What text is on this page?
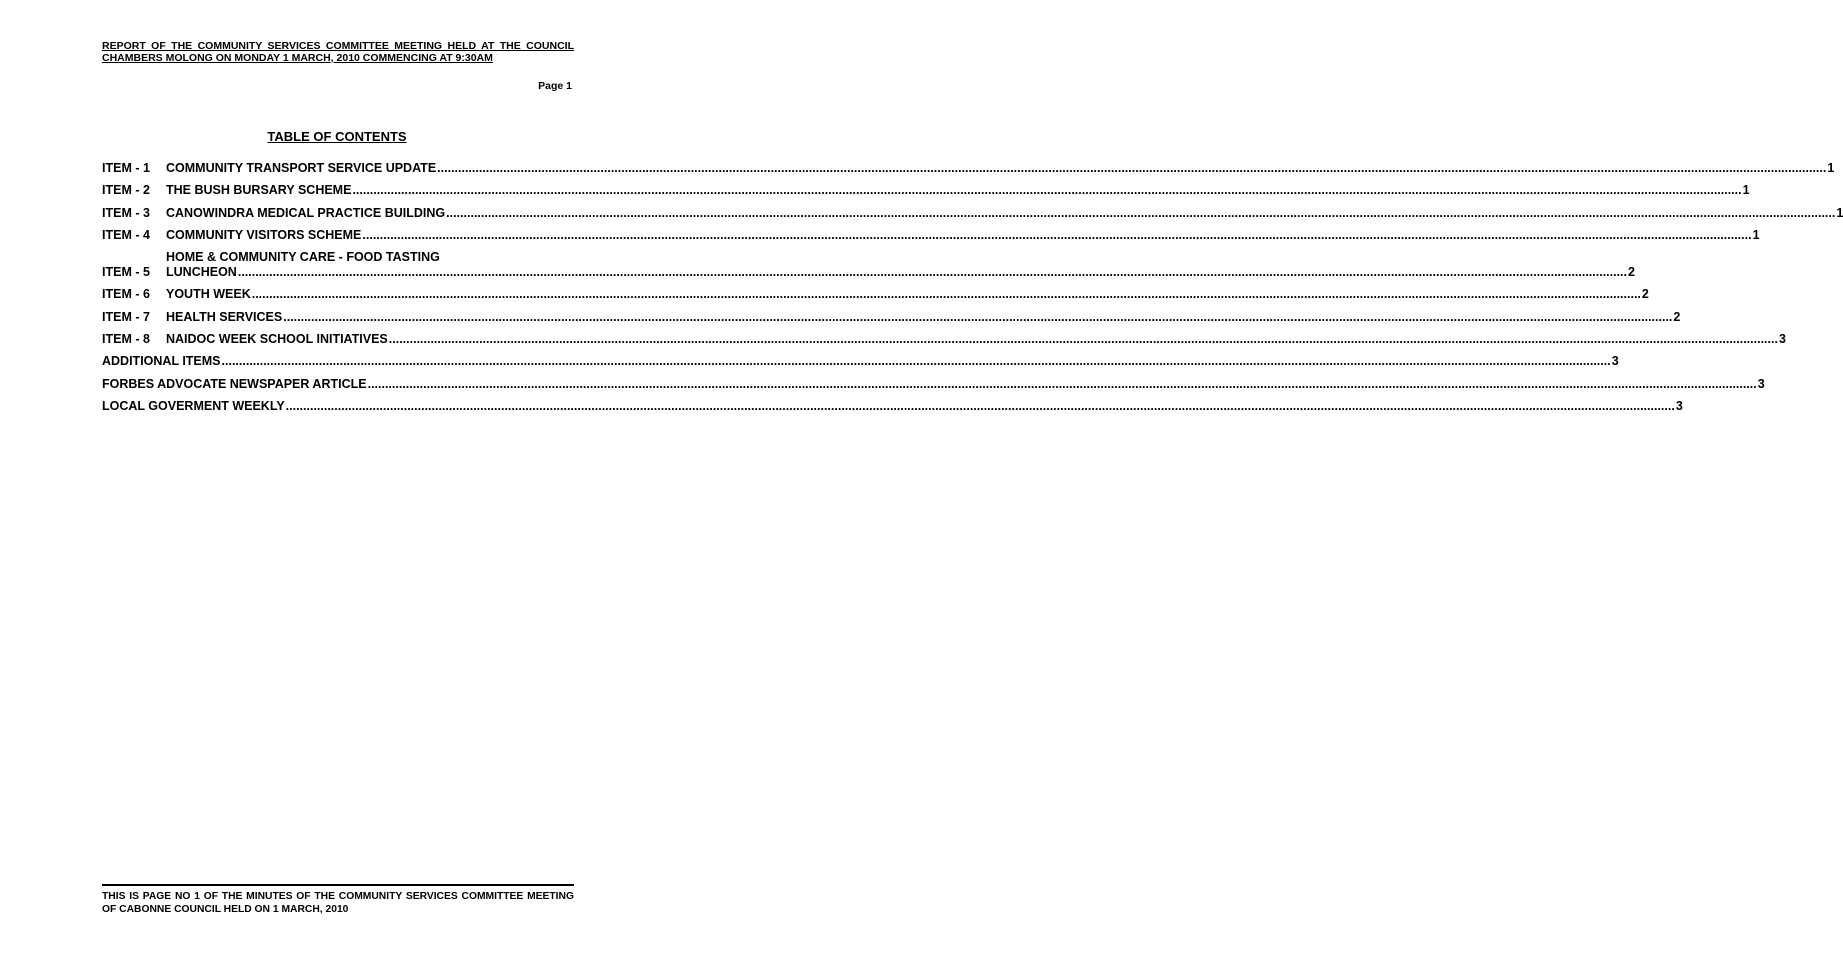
REPORT OF THE COMMUNITY SERVICES COMMITTEE MEETING HELD AT THE COUNCIL CHAMBERS MOLONG ON MONDAY 1 MARCH, 2010 COMMENCING AT 9:30AM
Page 1
TABLE OF CONTENTS
ITEM - 1	COMMUNITY TRANSPORT SERVICE UPDATE ................................................................................................................................................................................................................................................................................................................................................................................................................ 1
ITEM - 2	THE BUSH BURSARY SCHEME ................................................................................................................................................................................................................................................................................................................................................................................................................ 1
ITEM - 3	CANOWINDRA MEDICAL PRACTICE BUILDING ................................................................................................................................................................................................................................................................................................................................................................................................................ 1
ITEM - 4	COMMUNITY VISITORS SCHEME ................................................................................................................................................................................................................................................................................................................................................................................................................ 1
ITEM - 5
HOME & COMMUNITY CARE - FOOD TASTING
LUNCHEON ................................................................................................................................................................................................................................................................................................................................................................................................................ 2
ITEM - 6	YOUTH WEEK ................................................................................................................................................................................................................................................................................................................................................................................................................ 2
ITEM - 7	HEALTH SERVICES ................................................................................................................................................................................................................................................................................................................................................................................................................ 2
ITEM - 8	NAIDOC WEEK SCHOOL INITIATIVES ................................................................................................................................................................................................................................................................................................................................................................................................................ 3
ADDITIONAL ITEMS ................................................................................................................................................................................................................................................................................................................................................................................................................ 3
FORBES ADVOCATE NEWSPAPER ARTICLE ................................................................................................................................................................................................................................................................................................................................................................................................................ 3
LOCAL GOVERMENT WEEKLY ................................................................................................................................................................................................................................................................................................................................................................................................................ 3
THIS IS PAGE NO 1 OF THE MINUTES OF THE COMMUNITY SERVICES COMMITTEE MEETING OF CABONNE COUNCIL HELD ON 1 MARCH, 2010
